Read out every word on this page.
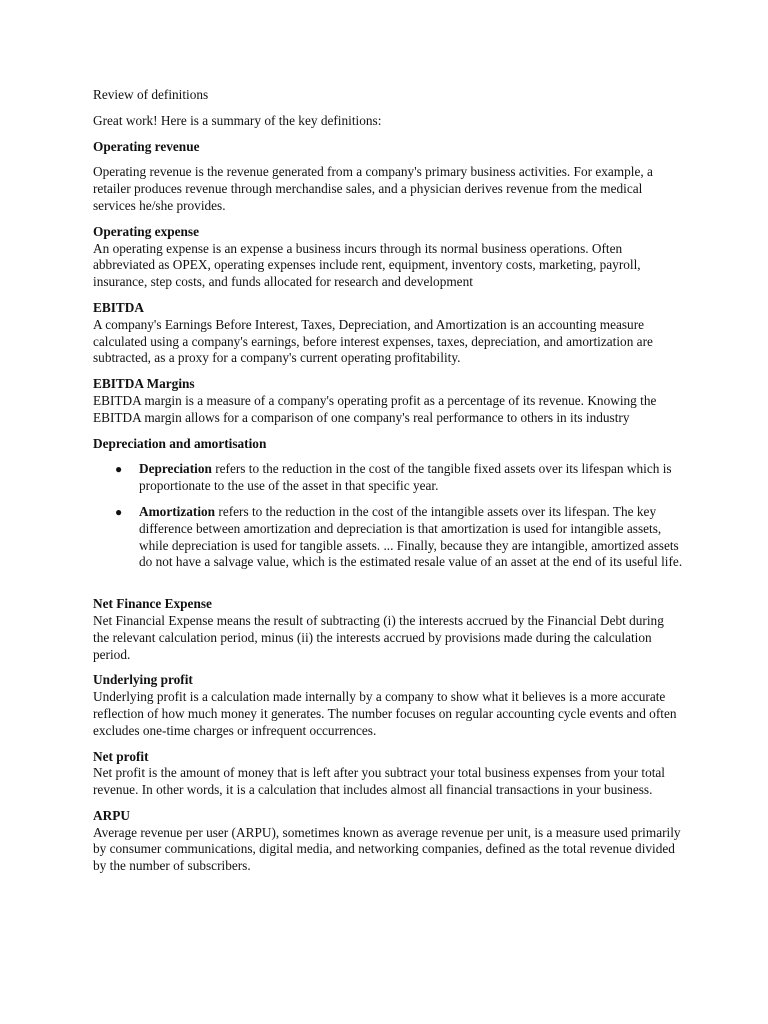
Review of definitions

Great work! Here is a summary of the key definitions:

Operating revenue

Operating revenue is the revenue generated from a company's primary business activities. For example, a retailer produces revenue through merchandise sales, and a physician derives revenue from the medical services he/she provides.

Operating expense

An operating expense is an expense a business incurs through its normal business operations. Often abbreviated as OPEX, operating expenses include rent, equipment, inventory costs, marketing, payroll, insurance, step costs, and funds allocated for research and development

EBITDA

A company's Earnings Before Interest, Taxes, Depreciation, and Amortization is an accounting measure calculated using a company's earnings, before interest expenses, taxes, depreciation, and amortization are subtracted, as a proxy for a company's current operating profitability.

EBITDA Margins

EBITDA margin is a measure of a company's operating profit as a percentage of its revenue. Knowing the EBITDA margin allows for a comparison of one company's real performance to others in its industry

Depreciation and amortisation

● Depreciation refers to the reduction in the cost of the tangible fixed assets over its lifespan which is proportionate to the use of the asset in that specific year.
● Amortization refers to the reduction in the cost of the intangible assets over its lifespan. The key difference between amortization and depreciation is that amortization is used for intangible assets, while depreciation is used for tangible assets. ... Finally, because they are intangible, amortized assets do not have a salvage value, which is the estimated resale value of an asset at the end of its useful life.

Net Finance Expense

Net Financial Expense means the result of subtracting (i) the interests accrued by the Financial Debt during the relevant calculation period, minus (ii) the interests accrued by provisions made during the calculation period.

Underlying profit

Underlying profit is a calculation made internally by a company to show what it believes is a more accurate reflection of how much money it generates. The number focuses on regular accounting cycle events and often excludes one-time charges or infrequent occurrences.

Net profit

Net profit is the amount of money that is left after you subtract your total business expenses from your total revenue. In other words, it is a calculation that includes almost all financial transactions in your business.

ARPU

Average revenue per user (ARPU), sometimes known as average revenue per unit, is a measure used primarily by consumer communications, digital media, and networking companies, defined as the total revenue divided by the number of subscribers.
